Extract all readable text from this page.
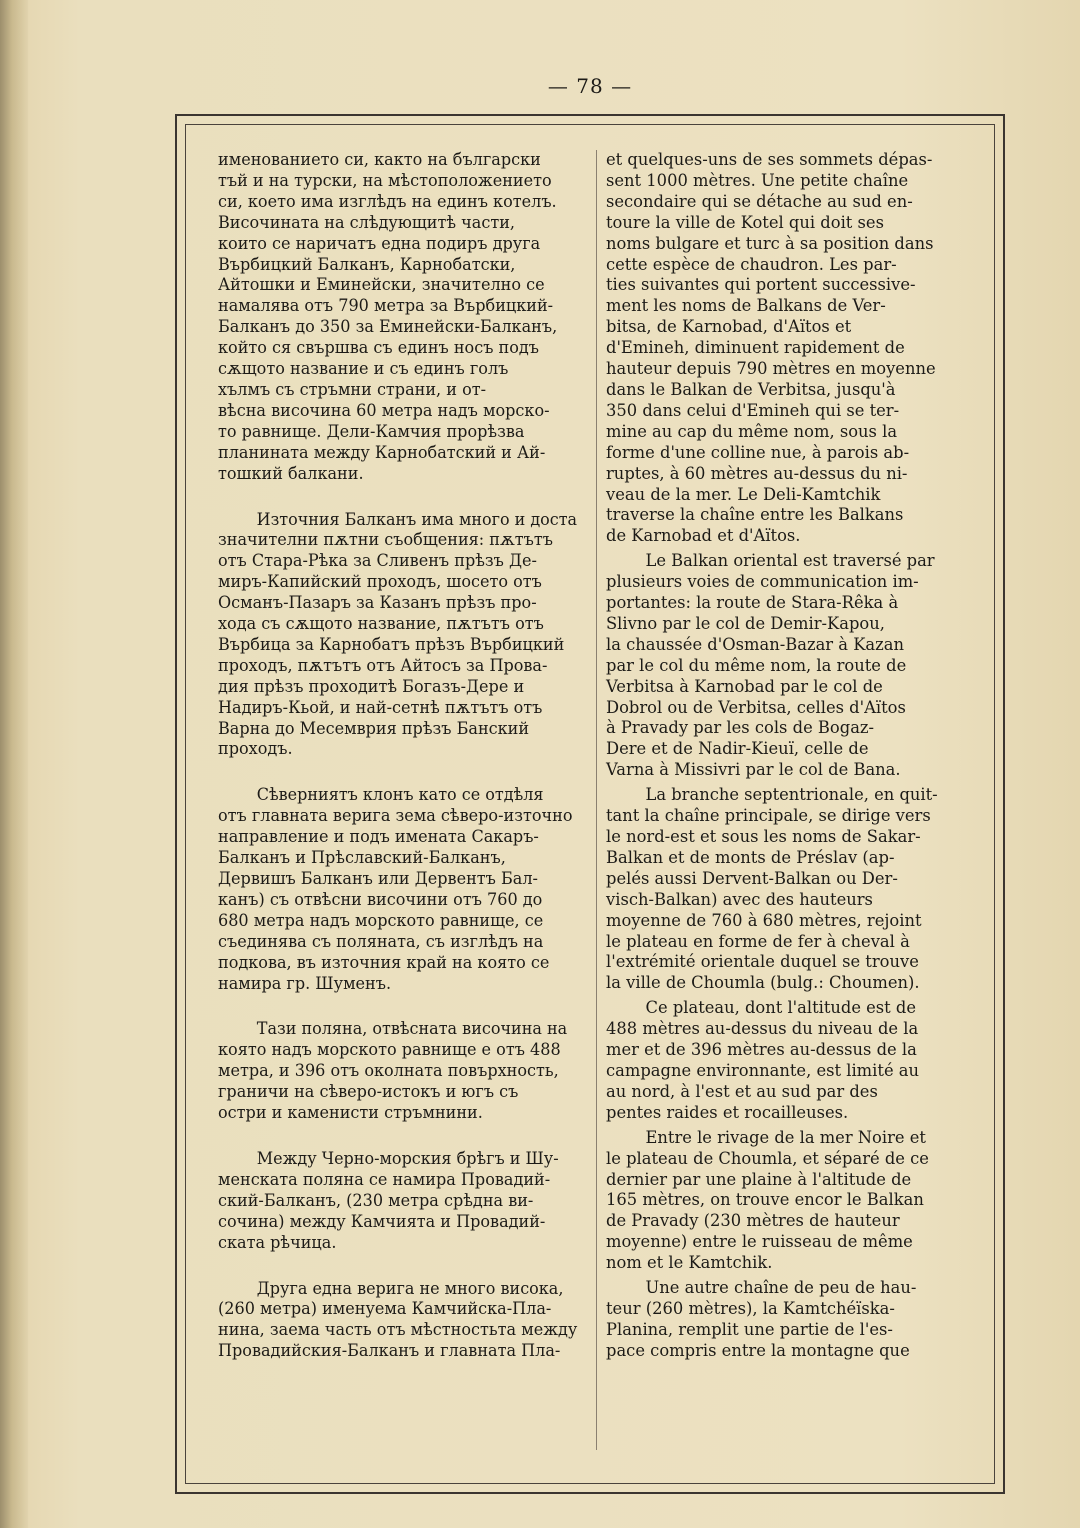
— 78 —
именованието си, както на български
тъй и на турски, на мѣстоположението
си, което има изглѣдъ на единъ котелъ.
Височината на слѣдующитѣ части,
които се наричатъ една подиръ друга
Върбицкий Балканъ, Карнобатски,
Айтошки и Еминейски, значително се
намалява отъ 790 метра за Върбицкий-
Балканъ до 350 за Еминейски-Балканъ,
който ся свършва съ единъ носъ подъ
сѫщото название и съ единъ голъ
хълмъ съ стръмни страни, и от-
вѣсна височина 60 метра надъ морско-
то равнище. Дели-Камчия прорѣзва
планината между Карнобатский и Ай-
тошкий балкани.
Източния Балканъ има много и доста
значителни пѫтни съобщения: пѫтътъ
отъ Стара-Рѣка за Сливенъ прѣзъ Де-
миръ-Капийский проходъ, шосето отъ
Османъ-Пазаръ за Казанъ прѣзъ про-
хода съ сѫщото название, пѫтътъ отъ
Върбица за Карнобатъ прѣзъ Върбицкий
проходъ, пѫтътъ отъ Айтосъ за Прова-
дия прѣзъ проходитѣ Богазъ-Дере и
Надиръ-Кьой, и най-сетнѣ пѫтътъ отъ
Варна до Месемврия прѣзъ Банский
проходъ.
Сѣверниятъ клонъ като се отдѣля
отъ главната верига зема сѣверо-източно
направление и подъ имената Сакаръ-
Балканъ и Прѣславский-Балканъ,
Дервишъ Балканъ или Дервентъ Бал-
канъ) съ отвѣсни височини отъ 760 до
680 метра надъ морското равнище, се
съединява съ поляната, съ изглѣдъ на
подкова, въ източния край на която се
намира гр. Шуменъ.
Тази поляна, отвѣсната височина на
която надъ морското равнище е отъ 488
метра, и 396 отъ околната повърхность,
граничи на сѣверо-истокъ и югъ съ
остри и каменисти стръмнини.
Между Черно-морския брѣгъ и Шу-
менската поляна се намира Провадий-
ский-Балканъ, (230 метра срѣдна ви-
сочина) между Камчията и Провадий-
ската рѣчица.
Друга една верига не много висока,
(260 метра) именуема Камчийска-Пла-
нина, заема часть отъ мѣстностьта между
Провадийския-Балканъ и главната Пла-
et quelques-uns de ses sommets dépas-
sent 1000 mètres. Une petite chaîne
secondaire qui se détache au sud en-
toure la ville de Kotel qui doit ses
noms bulgare et turc à sa position dans
cette espèce de chaudron. Les par-
ties suivantes qui portent successive-
ment les noms de Balkans de Ver-
bitsa, de Karnobad, d'Aïtos et
d'Emineh, diminuent rapidement de
hauteur depuis 790 mètres en moyenne
dans le Balkan de Verbitsa, jusqu'à
350 dans celui d'Emineh qui se ter-
mine au cap du même nom, sous la
forme d'une colline nue, à parois ab-
ruptes, à 60 mètres au-dessus du ni-
veau de la mer. Le Deli-Kamtchik
traverse la chaîne entre les Balkans
de Karnobad et d'Aïtos.
Le Balkan oriental est traversé par
plusieurs voies de communication im-
portantes: la route de Stara-Rêka à
Slivno par le col de Demir-Kapou,
la chaussée d'Osman-Bazar à Kazan
par le col du même nom, la route de
Verbitsa à Karnobad par le col de
Dobrol ou de Verbitsa, celles d'Aïtos
à Pravady par les cols de Bogaz-
Dere et de Nadir-Kieuï, celle de
Varna à Missivri par le col de Bana.
La branche septentrionale, en quit-
tant la chaîne principale, se dirige vers
le nord-est et sous les noms de Sakar-
Balkan et de monts de Préslav (ap-
pelés aussi Dervent-Balkan ou Der-
visch-Balkan) avec des hauteurs
moyenne de 760 à 680 mètres, rejoint
le plateau en forme de fer à cheval à
l'extrémité orientale duquel se trouve
la ville de Choumla (bulg.: Choumen).
Ce plateau, dont l'altitude est de
488 mètres au-dessus du niveau de la
mer et de 396 mètres au-dessus de la
campagne environnante, est limité au
au nord, à l'est et au sud par des
pentes raides et rocailleuses.
Entre le rivage de la mer Noire et
le plateau de Choumla, et séparé de ce
dernier par une plaine à l'altitude de
165 mètres, on trouve encor le Balkan
de Pravady (230 mètres de hauteur
moyenne) entre le ruisseau de même
nom et le Kamtchik.
Une autre chaîne de peu de hau-
teur (260 mètres), la Kamtchéïska-
Planina, remplit une partie de l'es-
pace compris entre la montagne que
